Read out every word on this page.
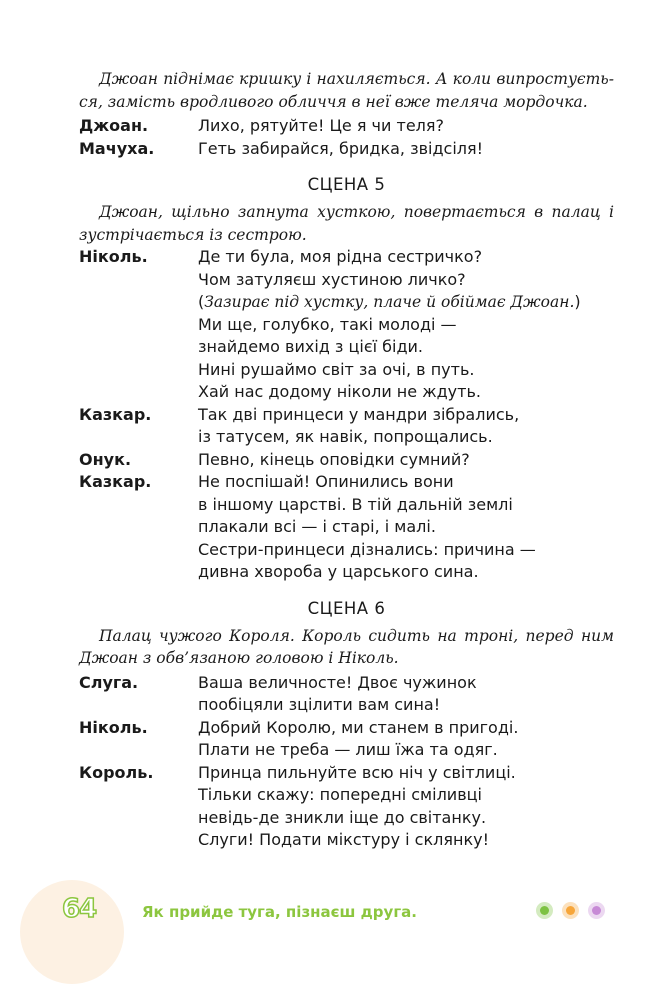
Джоан піднімає кришку і нахиляється. А коли випростуєть-ся, замість вродливого обличчя в неї вже теляча мордочка.

Джоан.	Лихо, рятуйте! Це я чи теля?
Мачуха.	Геть забирайся, бридка, звідсіля!
СЦЕНА 5

Джоан, щільно запнута хусткою, повертається в палац і зустрічається із сестрою.

Ніколь.	Де ти була, моя рідна сестричко?
Чом затуляєш хустиною личко?
(Зазирає під хустку, плаче й обіймає Джоан.)
Ми ще, голубко, такі молоді —
знайдемо вихід з цієї біди.
Нині рушаймо світ за очі, в путь.
Хай нас додому ніколи не ждуть.
Казкар.	Так дві принцеси у мандри зібрались,
із татусем, як навік, попрощались.
Онук.	Певно, кінець оповідки сумний?
Казкар.	Не поспішай! Опинились вони
в іншому царстві. В тій дальній землі
плакали всі — і старі, і малі.
Сестри-принцеси дізнались: причина —
дивна хвороба у царського сина.
СЦЕНА 6

Палац чужого Короля. Король сидить на троні, перед ним Джоан з обв’язаною головою і Ніколь.

Слуга.	Ваша величносте! Двоє чужинок
пообіцяли зцілити вам сина!
Ніколь.	Добрий Королю, ми станем в пригоді.
Плати не треба — лиш їжа та одяг.
Король.	Принца пильнуйте всю ніч у світлиці.
Тільки скажу: попередні сміливці
невідь-де зникли іще до світанку.
Слуги! Подати мікстуру і склянку!
64	Як прийде туга, пізнаєш друга.
